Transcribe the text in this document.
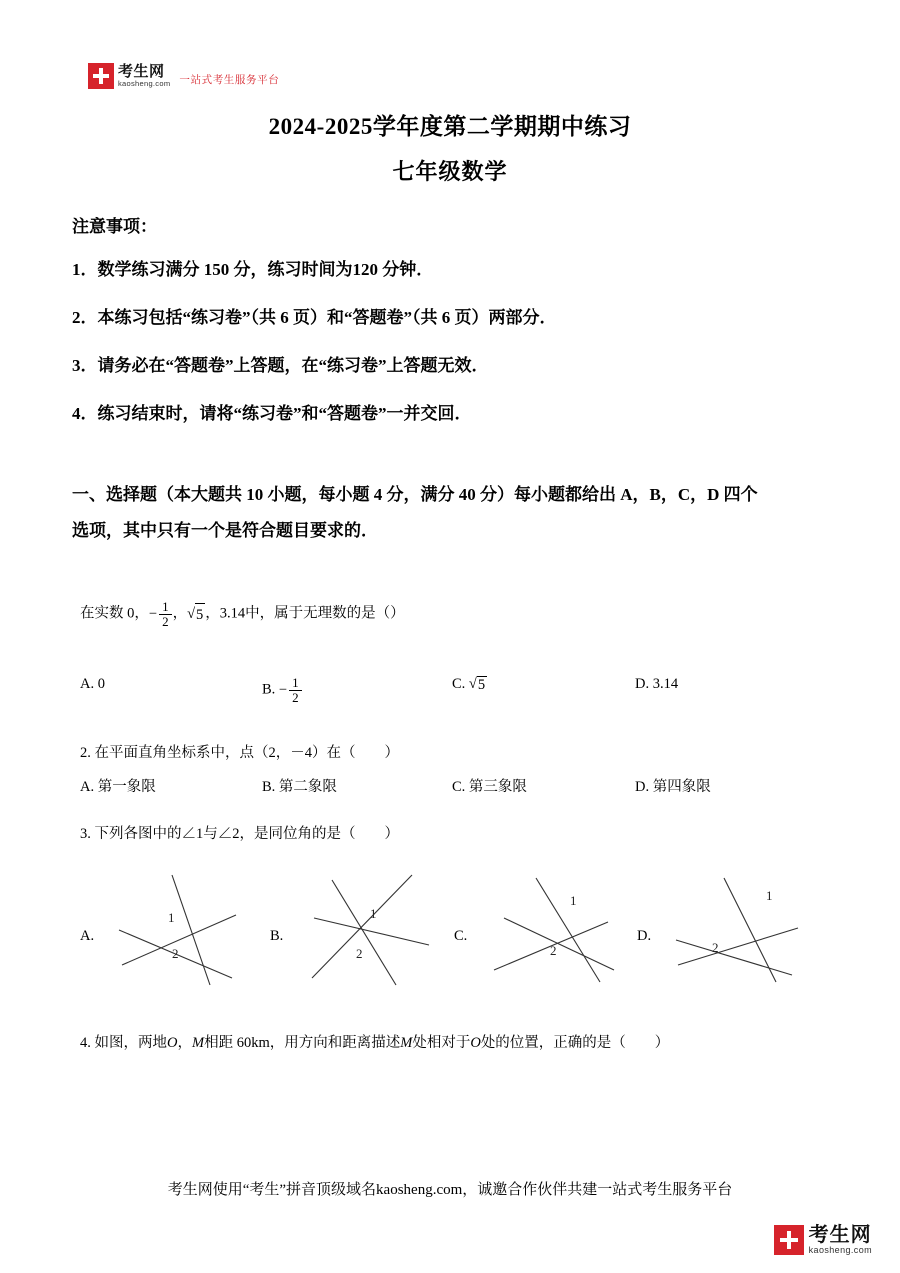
考生网
kaosheng.com 一站式考生服务平台
2024-2025学年度第二学期期中练习
七年级数学
注意事项：
1．数学练习满分 150 分，练习时间为120 分钟．
2．本练习包括“练习卷”（共 6 页）和“答题卷”（共 6 页）两部分．
3．请务必在“答题卷”上答题，在“练习卷”上答题无效．
4．练习结束时，请将“练习卷”和“答题卷”一并交回．
一、选择题（本大题共 10 小题，每小题 4 分，满分 40 分）每小题都给出 A，B，C，D 四个
选项，其中只有一个是符合题目要求的．
在实数 0， − $\frac{1}{2}$ ， √ 5 ，3.14中，属于无理数的是（）
A. 0	B. − $\frac{1}{2}$	C. √ 5	D. 3.14
2. 在平面直角坐标系中，点（2，－4）在（　　）
A. 第一象限	B. 第二象限	C. 第三象限	D. 第四象限
3. 下列各图中的∠1与∠2，是同位角的是（　　）
A.
1
2
B.
1
2
C.
1
2
D.
1
2
4. 如图，两地O，M相距 60km，用方向和距离描述M处相对于O处的位置，正确的是（　　）
考生网使用“考生”拼音顶级域名kaosheng.com，诚邀合作伙伴共建一站式考生服务平台
考生网
kaosheng.com
